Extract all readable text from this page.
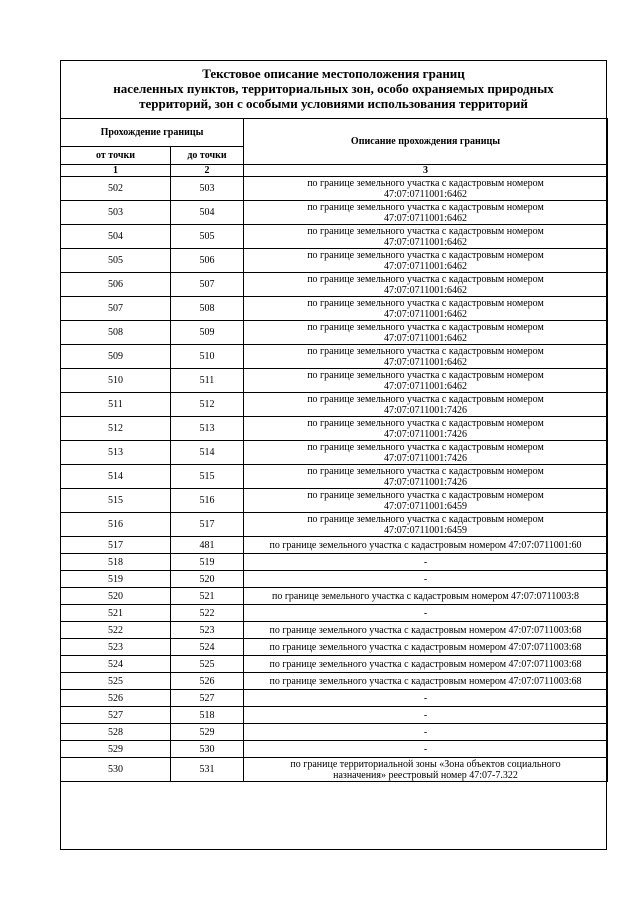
Текстовое описание местоположения границ
населенных пунктов, территориальных зон, особо охраняемых природных
территорий, зон с особыми условиями использования территорий
Прохождение границы		Описание прохождения границы
от точки	до точки	
1	2	3
502	503	по границе земельного участка с кадастровым номером
47:07:0711001:6462

503	504	по границе земельного участка с кадастровым номером
47:07:0711001:6462

504	505	по границе земельного участка с кадастровым номером
47:07:0711001:6462

505	506	по границе земельного участка с кадастровым номером
47:07:0711001:6462

506	507	по границе земельного участка с кадастровым номером
47:07:0711001:6462

507	508	по границе земельного участка с кадастровым номером
47:07:0711001:6462

508	509	по границе земельного участка с кадастровым номером
47:07:0711001:6462

509	510	по границе земельного участка с кадастровым номером
47:07:0711001:6462

510	511	по границе земельного участка с кадастровым номером
47:07:0711001:6462

511	512	по границе земельного участка с кадастровым номером
47:07:0711001:7426

512	513	по границе земельного участка с кадастровым номером
47:07:0711001:7426

513	514	по границе земельного участка с кадастровым номером
47:07:0711001:7426

514	515	по границе земельного участка с кадастровым номером
47:07:0711001:7426

515	516	по границе земельного участка с кадастровым номером
47:07:0711001:6459

516	517	по границе земельного участка с кадастровым номером
47:07:0711001:6459

517	481	по границе земельного участка с кадастровым номером 47:07:0711001:60

518	519	-

519	520	-

520	521	по границе земельного участка с кадастровым номером 47:07:0711003:8

521	522	-

522	523	по границе земельного участка с кадастровым номером 47:07:0711003:68

523	524	по границе земельного участка с кадастровым номером 47:07:0711003:68

524	525	по границе земельного участка с кадастровым номером 47:07:0711003:68

525	526	по границе земельного участка с кадастровым номером 47:07:0711003:68

526	527	-

527	518	-

528	529	-

529	530	-

530	531	по границе территориальной зоны «Зона объектов социального
назначения» реестровый номер 47:07-7.322
